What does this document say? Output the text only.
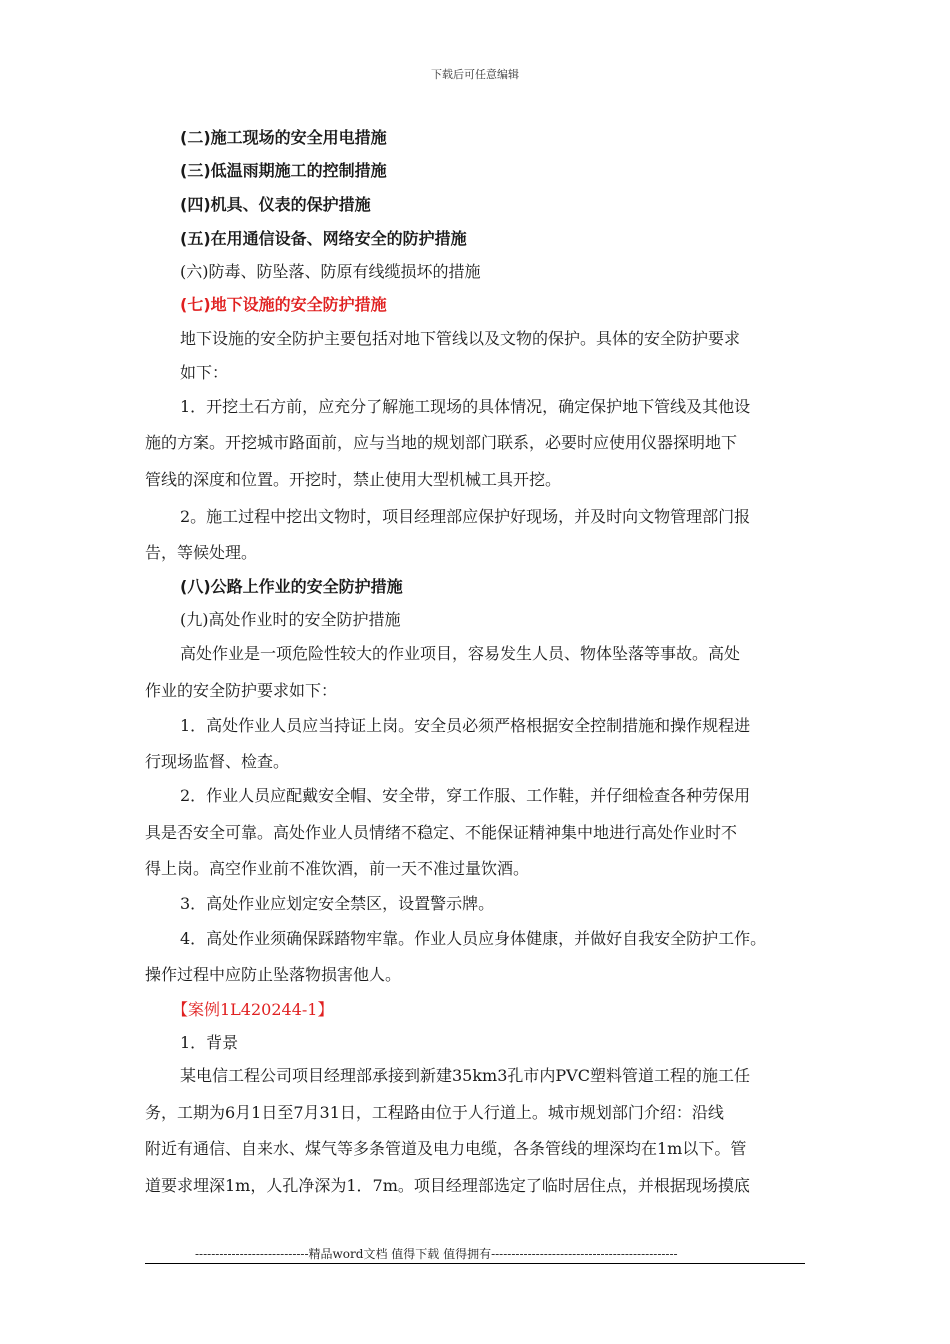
下载后可任意编辑
(二)施工现场的安全用电措施
(三)低温雨期施工的控制措施
(四)机具、仪表的保护措施
(五)在用通信设备、网络安全的防护措施
(六)防毒、防坠落、防原有线缆损坏的措施
(七)地下设施的安全防护措施
地下设施的安全防护主要包括对地下管线以及文物的保护。具体的安全防护要求
如下：
1．开挖土石方前，应充分了解施工现场的具体情况，确定保护地下管线及其他设
施的方案。开挖城市路面前，应与当地的规划部门联系，必要时应使用仪器探明地下
管线的深度和位置。开挖时，禁止使用大型机械工具开挖。
2。施工过程中挖出文物时，项目经理部应保护好现场，并及时向文物管理部门报
告，等候处理。
(八)公路上作业的安全防护措施
(九)高处作业时的安全防护措施
高处作业是一项危险性较大的作业项目，容易发生人员、物体坠落等事故。高处
作业的安全防护要求如下：
1．高处作业人员应当持证上岗。安全员必须严格根据安全控制措施和操作规程进
行现场监督、检查。
2．作业人员应配戴安全帽、安全带，穿工作服、工作鞋，并仔细检查各种劳保用
具是否安全可靠。高处作业人员情绪不稳定、不能保证精神集中地进行高处作业时不
得上岗。高空作业前不准饮酒，前一天不准过量饮酒。
3．高处作业应划定安全禁区，设置警示牌。
4．高处作业须确保踩踏物牢靠。作业人员应身体健康，并做好自我安全防护工作。
操作过程中应防止坠落物损害他人。
【案例1L420244-1】
1．背景
某电信工程公司项目经理部承接到新建35km3孔市内PVC塑料管道工程的施工任
务，工期为6月1日至7月31日，工程路由位于人行道上。城市规划部门介绍：沿线
附近有通信、自来水、煤气等多条管道及电力电缆，各条管线的埋深均在1m以下。管
道要求埋深1m，人孔净深为1．7m。项目经理部选定了临时居住点，并根据现场摸底
----------------------------精品word文档 值得下载 值得拥有----------------------------------------------
